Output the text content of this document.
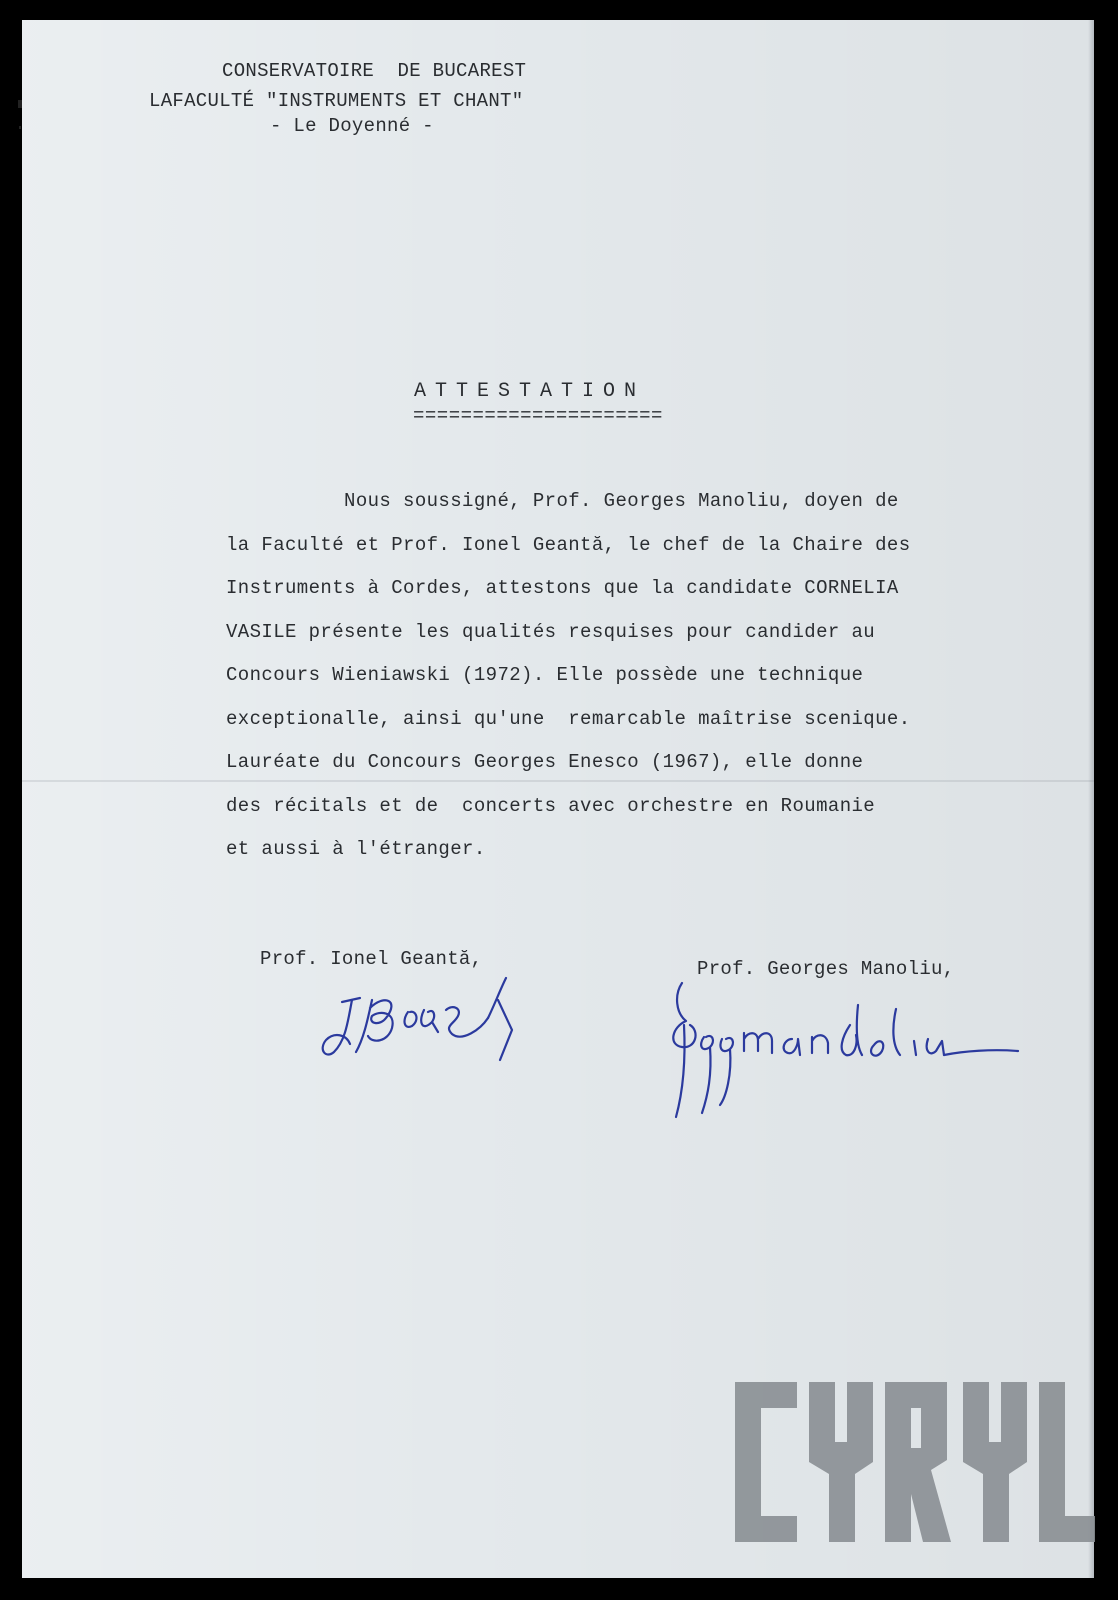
CONSERVATOIRE  DE BUCAREST
LAFACULTÉ "INSTRUMENTS ET CHANT"
- Le Doyenné -
ATTESTATION
=====================
Nous soussigné, Prof. Georges Manoliu, doyen de
la Faculté et Prof. Ionel Geantă, le chef de la Chaire des
Instruments à Cordes, attestons que la candidate CORNELIA
VASILE présente les qualités resquises pour candider au
Concours Wieniawski (1972). Elle possède une technique
exceptionalle, ainsi qu'une  remarcable maîtrise scenique.
Lauréate du Concours Georges Enesco (1967), elle donne
des récitals et de  concerts avec orchestre en Roumanie
et aussi à l'étranger.
Prof. Ionel Geantă,	Prof. Georges Manoliu,
